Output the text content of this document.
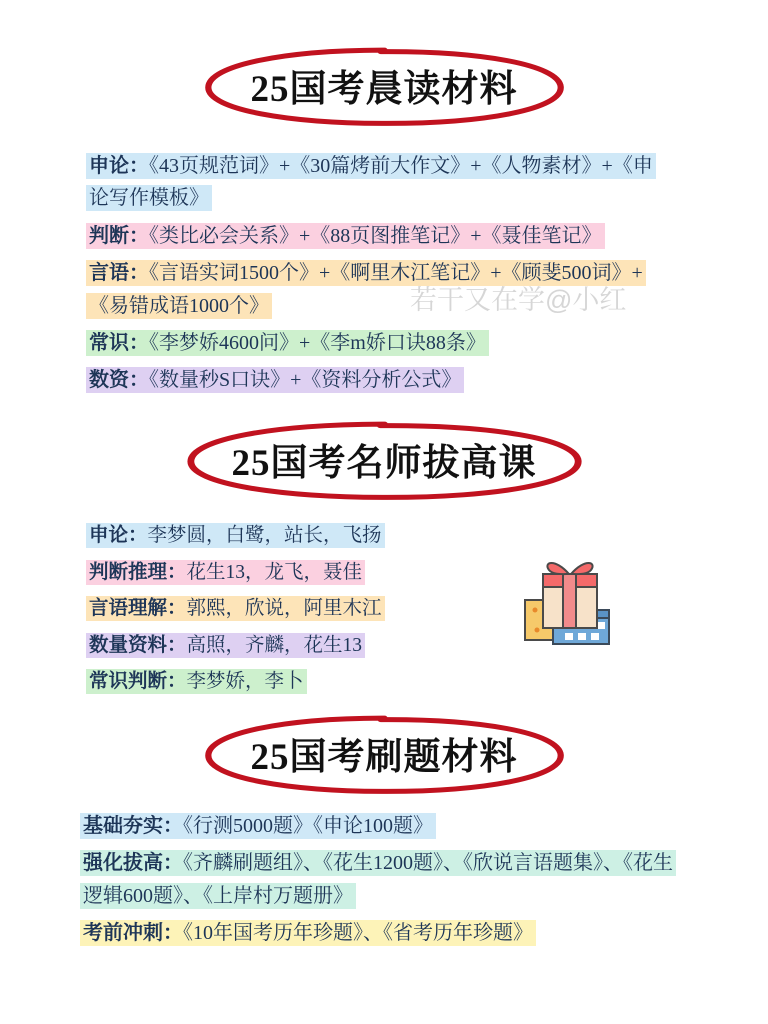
25国考晨读材料
申论：《43页规范词》+《30篇烤前大作文》+《人物素材》+《申论写作模板》
判断：《类比必会关系》+《88页图推笔记》+《聂佳笔记》
言语：《言语实词1500个》+《啊里木江笔记》+《顾斐500词》+《易错成语1000个》
常识：《李梦娇4600问》+《李m娇口诀88条》
数资：《数量秒S口诀》+《资料分析公式》
25国考名师拔高课
申论：李梦圆，白鹭，站长，飞扬
判断推理：花生13，龙飞，聂佳
言语理解：郭熙，欣说，阿里木江
数量资料：高照，齐麟，花生13
常识判断：李梦娇，李卜
若干又在学@小红
25国考刷题材料
基础夯实：《行测5000题》《申论100题》
强化拔高：《齐麟刷题组》、《花生1200题》、《欣说言语题集》、《花生逻辑600题》、《上岸村万题册》
考前冲刺：《10年国考历年珍题》、《省考历年珍题》
